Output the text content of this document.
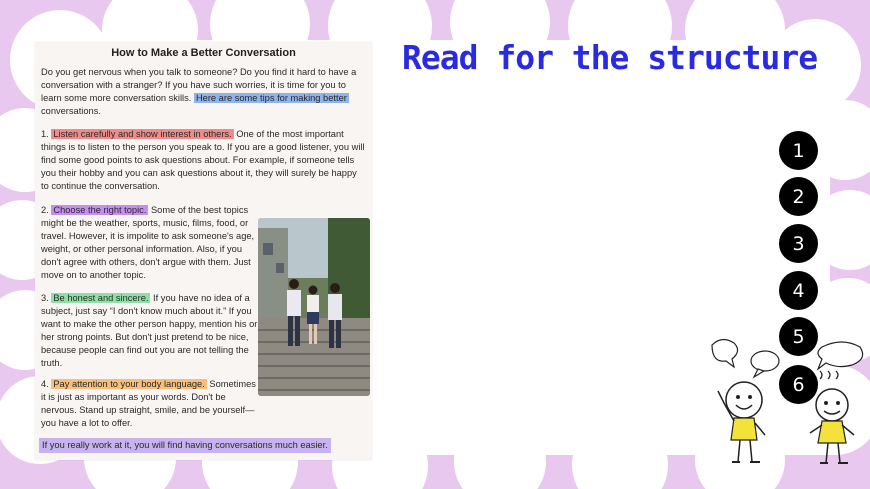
How to Make a Better Conversation
Do you get nervous when you talk to someone? Do you find it hard to have a conversation with a stranger? If you have such worries, it is time for you to learn some more conversation skills. Here are some tips for making better conversations.
1. Listen carefully and show interest in others. One of the most important things is to listen to the person you speak to. If you are a good listener, you will find some good points to ask questions about. For example, if someone tells you their hobby and you can ask questions about it, they will surely be happy to continue the conversation.
2. Choose the right topic. Some of the best topics might be the weather, sports, music, films, food, or travel. However, it is impolite to ask someone's age, weight, or other personal information. Also, if you don't agree with others, don't argue with them. Just move on to another topic.
3. Be honest and sincere. If you have no idea of a subject, just say “I don't know much about it.” If you want to make the other person happy, mention his or her strong points. But don't just pretend to be nice, because people can find out you are not telling the truth.
4. Pay attention to your body language. Sometimes it is just as important as your words. Don't be nervous. Stand up straight, smile, and be yourself—you have a lot to offer.
If you really work at it, you will find having conversations much easier.
Read for the structure
1
2
3
4
5
6
